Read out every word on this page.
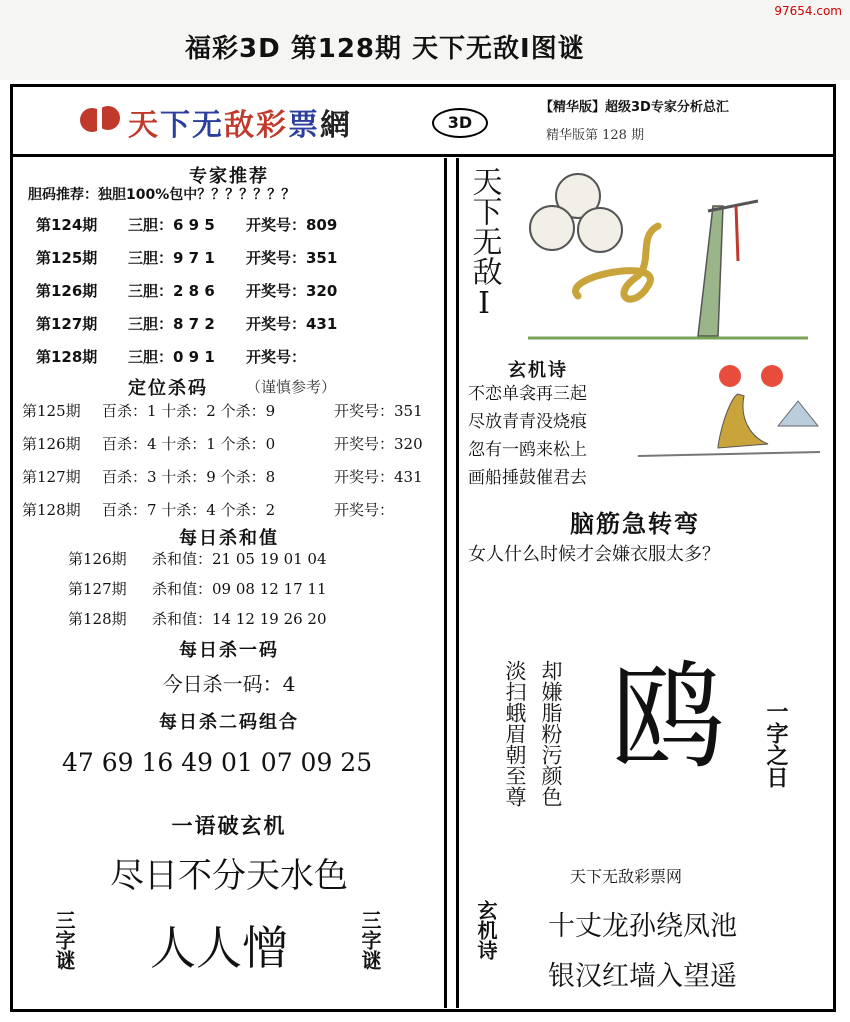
福彩3D 第128期 天下无敌Ⅰ图谜
97654.com
天下无敌彩票網	3D
【精华版】超级3D专家分析总汇
精华版第 128 期
专家推荐
胆码推荐：独胆100%包中？？？？？？？
第124期 三胆：6 9 5 开奖号：809
第125期 三胆：9 7 1 开奖号：351
第126期 三胆：2 8 6 开奖号：320
第127期 三胆：8 7 2 开奖号：431
第128期 三胆：0 9 1 开奖号：
定位杀码	（谨慎参考）
第125期 百杀：1 十杀：2 个杀：9	开奖号：351
第126期 百杀：4 十杀：1 个杀：0	开奖号：320
第127期 百杀：3 十杀：9 个杀：8	开奖号：431
第128期 百杀：7 十杀：4 个杀：2	开奖号：
每日杀和值
第126期 杀和值：21 05 19 01 04
第127期 杀和值：09 08 12 17 11
第128期 杀和值：14 12 19 26 20
每日杀一码
今日杀一码：4
每日杀二码组合
47 69 16 49 01 07 09 25
一语破玄机
尽日不分天水色
三字谜 人人憎	三字谜
天下无敌Ⅰ
玄机诗
不恋单衾再三起
尽放青青没烧痕
忽有一鸥来松上
画船捶鼓催君去
脑筋急转弯
女人什么时候才会嫌衣服太多？
却嫌脂粉污颜色
淡扫蛾眉朝至尊 鸥 一字之日
天下无敌彩票网
玄机诗 十丈龙孙绕凤池
银汉红墙入望遥
